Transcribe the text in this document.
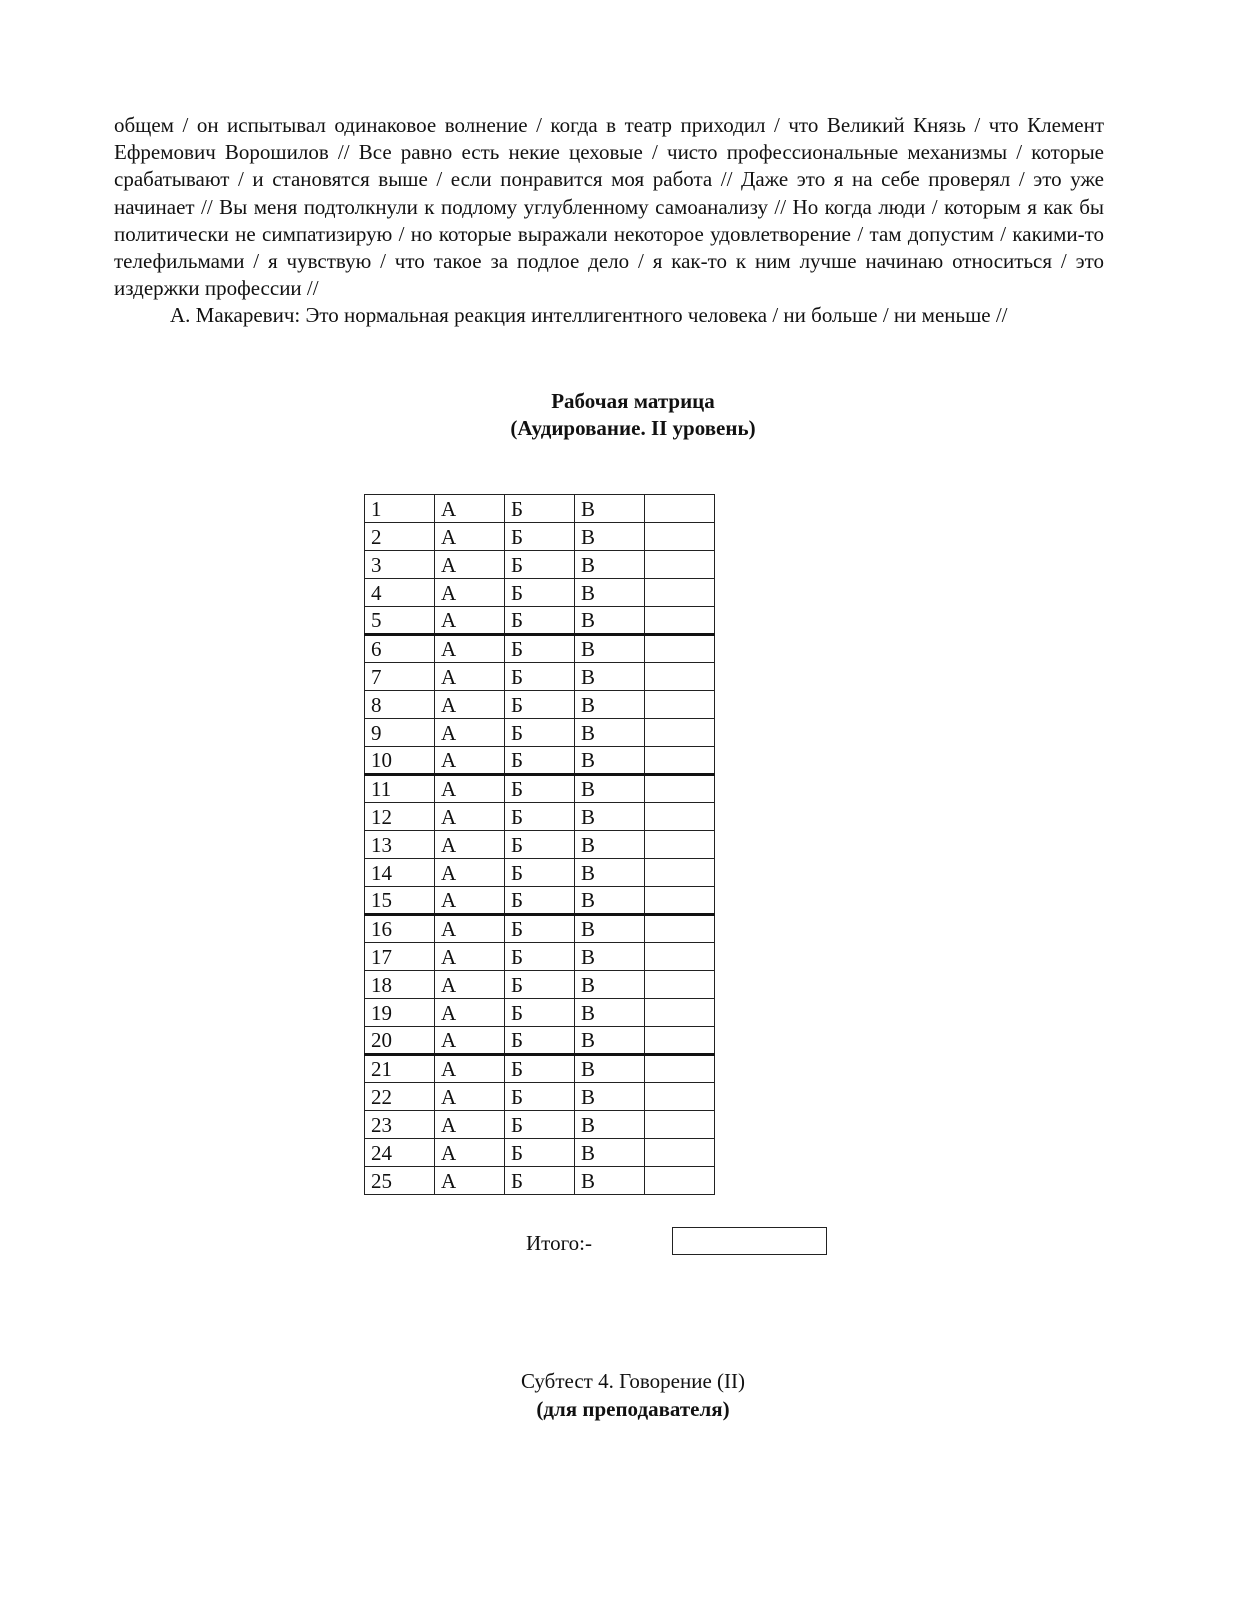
общем / он испытывал одинаковое волнение / когда в театр приходил / что Великий Князь / что Клемент Ефремович Ворошилов // Все равно есть некие цеховые / чисто профессиональные механизмы / которые срабатывают / и становятся выше / если понравится моя работа // Даже это я на себе проверял / это уже начинает // Вы меня подтолкнули к подлому углубленному самоанализу // Но когда люди / которым я как бы политически не симпатизирую / но которые выражали некоторое удовлетворение / там допустим / какими-то телефильмами / я чувствую / что такое за подлое дело / я как-то к ним лучше начинаю относиться / это издержки профессии //

А. Макаревич: Это нормальная реакция интеллигентного человека / ни больше / ни меньше //

Рабочая матрица
(Аудирование. II уровень)
1	А	Б	В	
2	А	Б	В	
3	А	Б	В	
4	А	Б	В	
5	А	Б	В	
6	А	Б	В	
7	А	Б	В	
8	А	Б	В	
9	А	Б	В	
10	А	Б	В	
11	А	Б	В	
12	А	Б	В	
13	А	Б	В	
14	А	Б	В	
15	А	Б	В	
16	А	Б	В	
17	А	Б	В	
18	А	Б	В	
19	А	Б	В	
20	А	Б	В	
21	А	Б	В	
22	А	Б	В	
23	А	Б	В	
24	А	Б	В	
25	А	Б	В	
Итого:-
Субтест 4. Говорение (II)
(для преподавателя)
